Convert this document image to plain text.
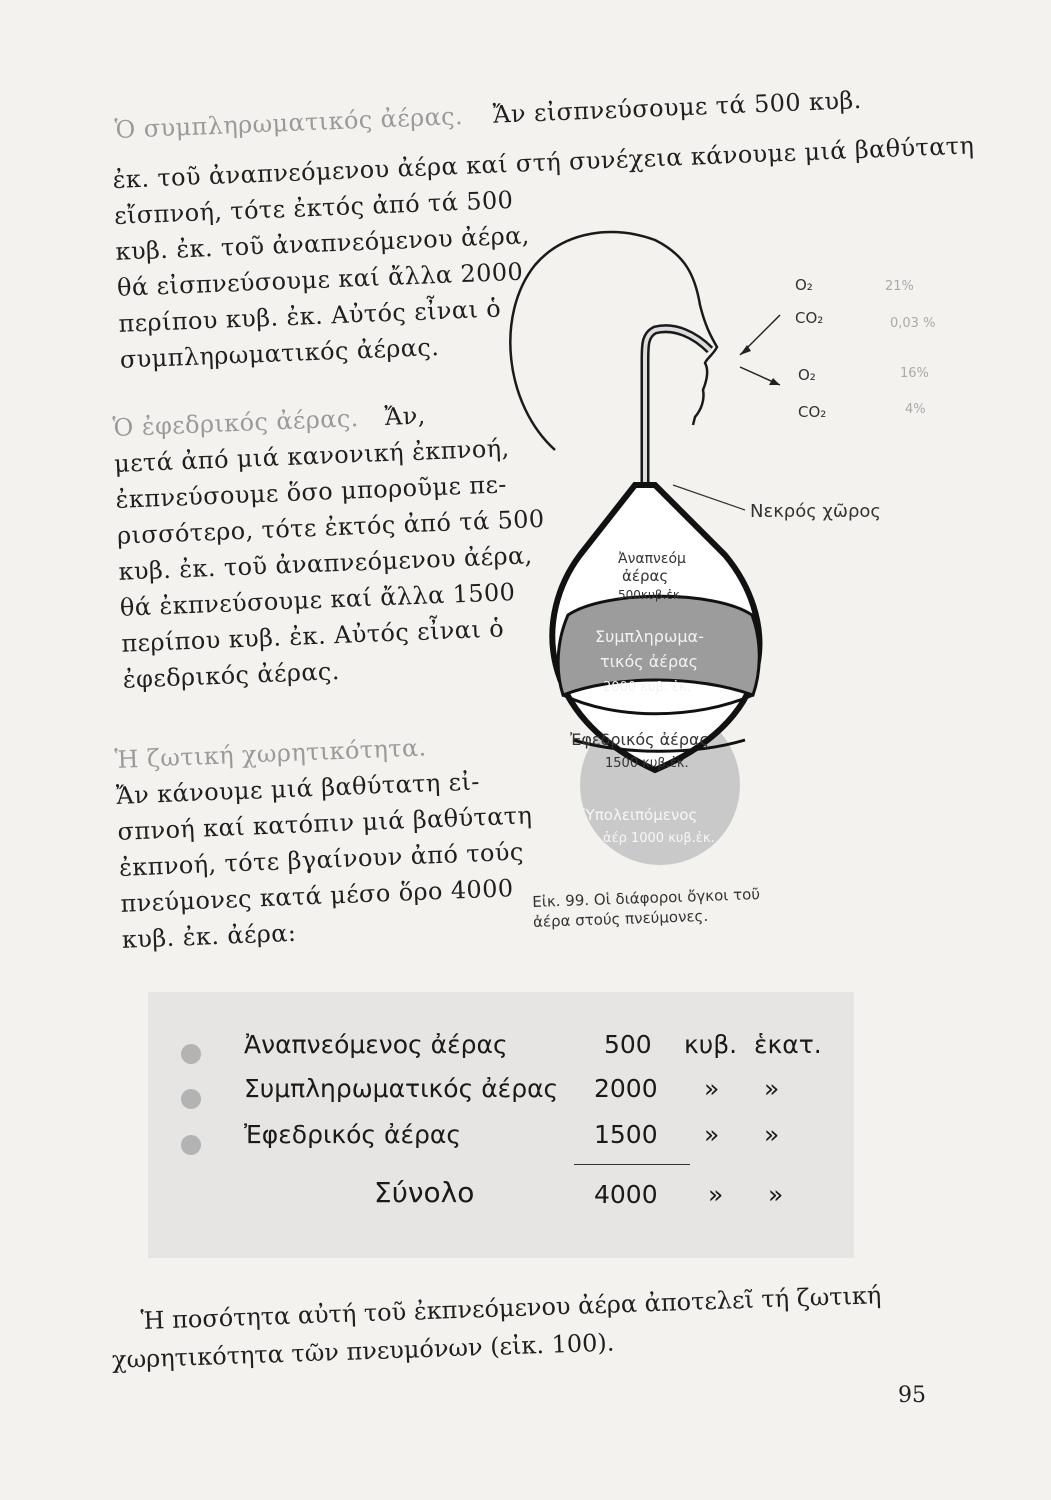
Ὁ συμπληρωματικός ἀέρας. Ἄν εἰσπνεύσουμε τά 500 κυβ.
ἐκ. τοῦ ἀναπνεόμενου ἀέρα καί στή συνέχεια κάνουμε μιά βαθύτατη
εἴσπνοή, τότε ἐκτός ἀπό τά 500
κυβ. ἐκ. τοῦ ἀναπνεόμενου ἀέρα,
θά εἰσπνεύσουμε καί ἄλλα 2000
περίπου κυβ. ἐκ. Αὐτός εἶναι ὁ
συμπληρωματικός ἀέρας.
Ὁ ἐφεδρικός ἀέρας. Ἄν,
μετά ἀπό μιά κανονική ἐκπνοή,
ἐκπνεύσουμε ὅσο μποροῦμε πε-
ρισσότερο, τότε ἐκτός ἀπό τά 500
κυβ. ἐκ. τοῦ ἀναπνεόμενου ἀέρα,
θά ἐκπνεύσουμε καί ἄλλα 1500
περίπου κυβ. ἐκ. Αὐτός εἶναι ὁ
ἐφεδρικός ἀέρας.
Ἡ ζωτική χωρητικότητα.
Ἄν κάνουμε μιά βαθύτατη εἰ-
σπνοή καί κατόπιν μιά βαθύτατη
ἐκπνοή, τότε βγαίνουν ἀπό τούς
πνεύμονες κατά μέσο ὅρο 4000
κυβ. ἐκ. ἀέρα:
O₂	21%
CO₂	0,03 %
O₂	16%
CO₂	4%
Νεκρός χῶρος
Ἀναπνεόμ
ἀέρας
500κυβ.ἐκ.
Συμπληρωμα-
τικός ἀέρας
2000 κυβ. ἐκ.
Ἐφεδρικός ἀέρας
1500 κυβ.ἐκ.
Ὑπολειπόμενος
ἀέρ 1000 κυβ.ἐκ.
Εἰκ. 99. Οἱ διάφοροι ὄγκοι τοῦ
ἀέρα στούς πνεύμονες.
Ἀναπνεόμενος ἀέρας	500 κυβ. ἑκατ.
Συμπληρωματικός ἀέρας 2000 » »
Ἐφεδρικός ἀέρας	1500 » »
Σύνολο	4000 » »
Ἡ ποσότητα αὐτή τοῦ ἐκπνεόμενου ἀέρα ἀποτελεῖ τή ζωτική
χωρητικότητα τῶν πνευμόνων (εἰκ. 100).
95
